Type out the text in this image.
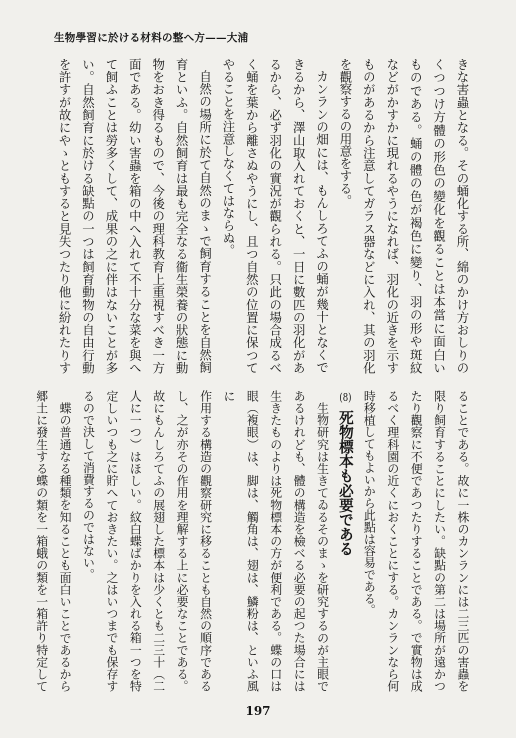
生物學習に於ける材料の整へ方——大浦
きな害蟲となる。その蛹化する所、綿のかけ方おしりの
くつつけ方體の形色の變化を觀ることは本當に面白い
ものである。蛹の體の色が褐色に變り、羽の形や斑紋
などがかすかに現れるやうになれば、羽化の近きを示す
ものがあるから注意してガラス器などに入れ、其の羽化
を觀察するの用意をする。
カンランの畑には、もんしろてふの蛹が幾十となくで
きるから、澤山取入れておくと、一日に數匹の羽化があ
るから、必ず羽化の實況が觀られる。只此の場合成るべ
く蛹を葉から離さぬやうにし、且つ自然の位置に保つて
やることを注意しなくてはならぬ。
自然の場所に於て自然のまゝで飼育することを自然飼
育といふ。自然飼育は最も完全なる衞生榮養の狀態に動
物をおき得るもので、今後の理科教育上重視すべき一方
面である。幼い害蟲を箱の中へ入れて不十分な菜を與へ
て飼ふことは勞多くして、成果の之に伴はないことが多
い。自然飼育に於ける缺點の一つは飼育動物の自由行動
を許すが故にやゝともすると見失つたり他に紛れたりす
ることである。故に一株のカンランには二三匹の害蟲を
限り飼育することにしたい。缺點の第二は場所が遠かつ
たり觀察に不便であつたりすることである。で實物は成
るべく理科園の近くにおくことにする。カンランなら何
時移植してもよいから此點は容易である。
(8)死物標本も必要である
生物研究は生きてゐるそのまゝを研究するのが主眼で
あるけれども、體の構造を檢べる必要の起つた場合には
生きたものよりは死物標本の方が便利である。蝶の口は
眼（複眼）は、脚は、觸角は、翅は、鱗粉は、といふ風に
作用する構造の觀察研究に移ることも自然の順序である
し、之が亦その作用を理解する上に必要なことである。
故にもんしろてふの展翅した標本は少くとも二三十（二
人に一つ）はほしい。紋白蝶ばかりを入れる箱一つを特
定しいつも之に貯へておきたい。之はいつまでも保存す
るので決して消費するのではない。
蝶の普通なる種類を知ることも面白いことであるから
郷土に發生する蝶の類を一箱蛾の類を一箱許り特定して
197
